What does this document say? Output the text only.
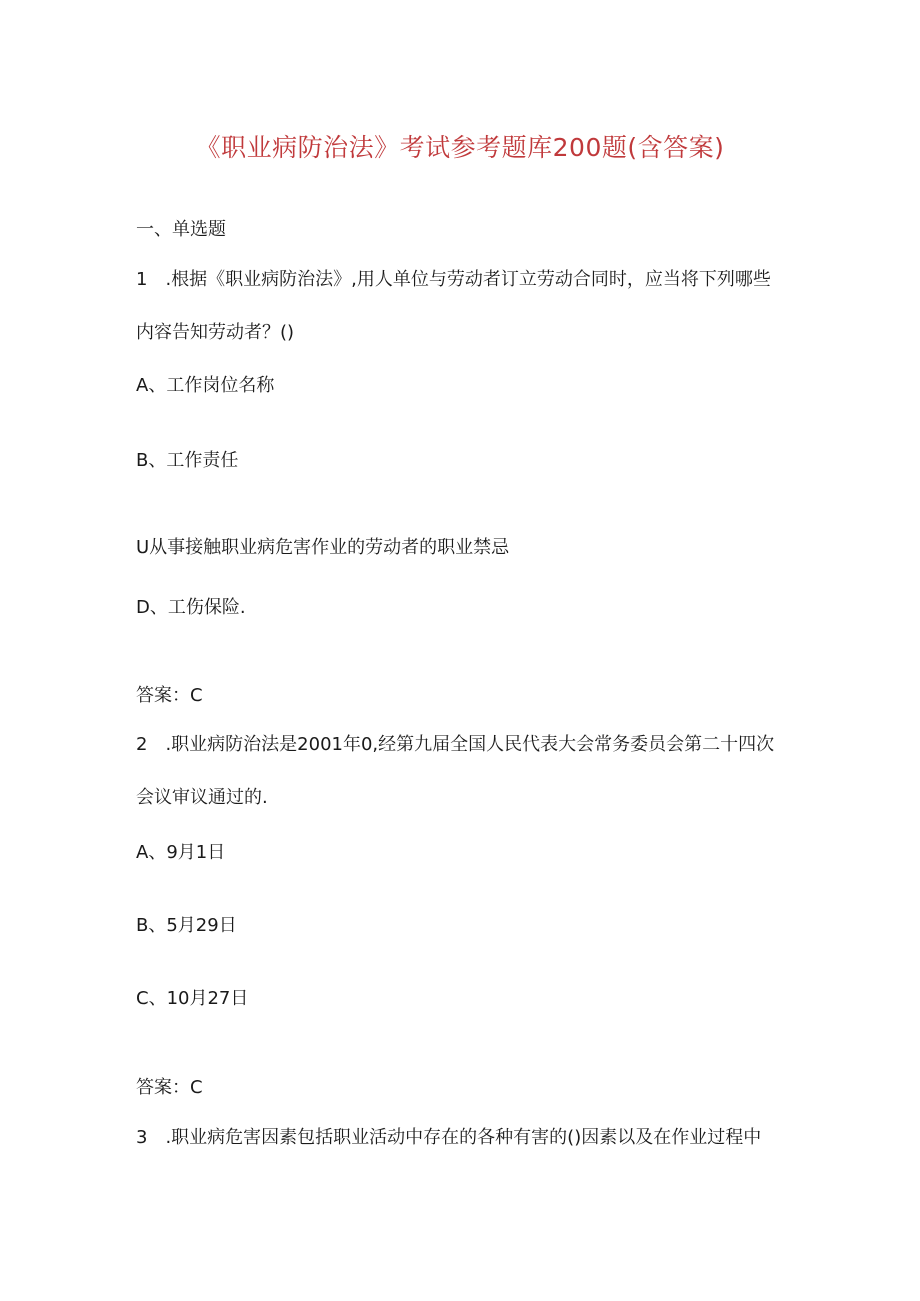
《职业病防治法》考试参考题库200题(含答案)
一、单选题
1　.根据《职业病防治法》,用人单位与劳动者订立劳动合同时，应当将下列哪些
内容告知劳动者？()
A、工作岗位名称
B、工作责任
U从事接触职业病危害作业的劳动者的职业禁忌
D、工伤保险.
答案：C
2　.职业病防治法是2001年0,经第九届全国人民代表大会常务委员会第二十四次
会议审议通过的.
A、9月1日
B、5月29日
C、10月27日
答案：C
3　.职业病危害因素包括职业活动中存在的各种有害的()因素以及在作业过程中
